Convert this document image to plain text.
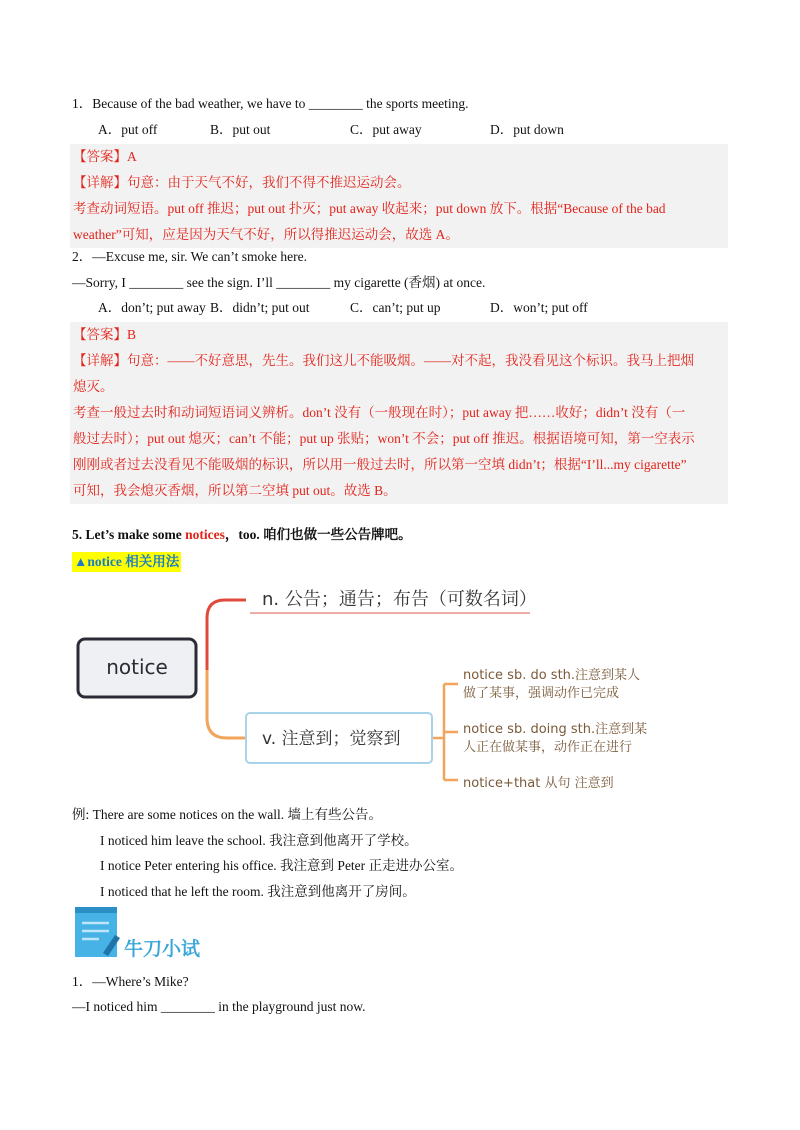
1．Because of the bad weather, we have to ________ the sports meeting.
A．put off	B．put out	C．put away	D．put down
【答案】A
【详解】句意：由于天气不好，我们不得不推迟运动会。
考查动词短语。put off 推迟；put out 扑灭；put away 收起来；put down 放下。根据“Because of the bad
weather”可知，应是因为天气不好，所以得推迟运动会，故选 A。
2．—Excuse me, sir. We can’t smoke here.
—Sorry, I ________ see the sign. I’ll ________ my cigarette (香烟) at once.
A．don’t; put away B．didn’t; put out	C．can’t; put up	D．won’t; put off
【答案】B
【详解】句意：——不好意思，先生。我们这儿不能吸烟。——对不起，我没看见这个标识。我马上把烟
熄灭。
考查一般过去时和动词短语词义辨析。don’t 没有（一般现在时）；put away 把……收好；didn’t 没有（一
般过去时）；put out 熄灭；can’t 不能；put up 张贴；won’t 不会；put off 推迟。根据语境可知，第一空表示
刚刚或者过去没看见不能吸烟的标识，所以用一般过去时，所以第一空填 didn’t；根据“I’ll...my cigarette”
可知，我会熄灭香烟，所以第二空填 put out。故选 B。
5. Let’s make some notices，too. 咱们也做一些公告牌吧。
▲notice 相关用法
notice
n. 公告；通告；布告（可数名词）
v. 注意到；觉察到
notice sb. do sth.注意到某人
做了某事，强调动作已完成
notice sb. doing sth.注意到某
人正在做某事，动作正在进行
notice+that 从句 注意到
例: There are some notices on the wall. 墙上有些公告。
I noticed him leave the school. 我注意到他离开了学校。
I notice Peter entering his office. 我注意到 Peter 正走进办公室。
I noticed that he left the room. 我注意到他离开了房间。
牛刀小试
1．—Where’s Mike?
—I noticed him ________ in the playground just now.
